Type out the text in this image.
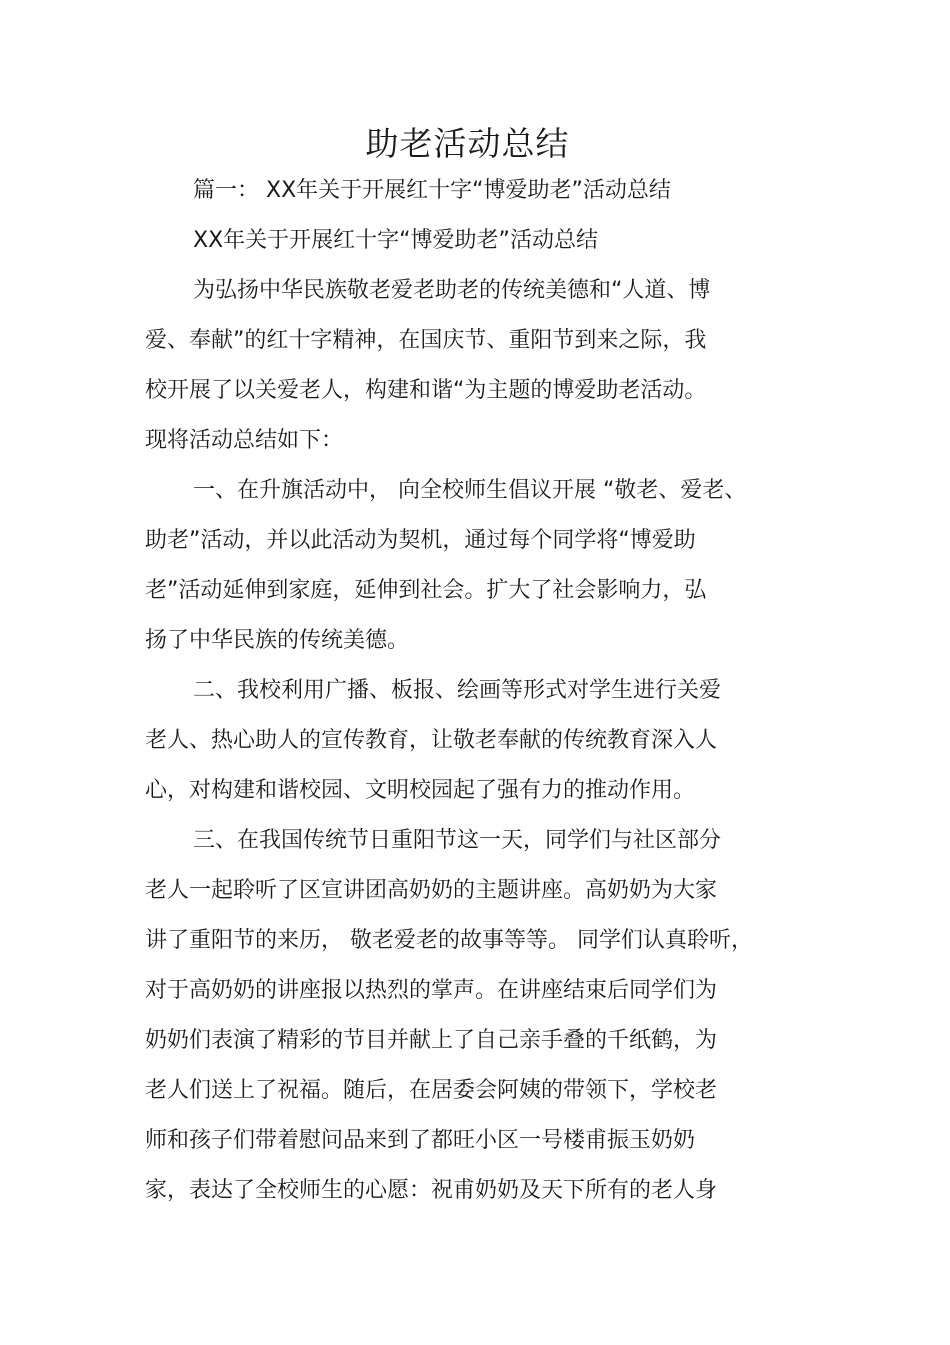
助老活动总结
篇一： XX年关于开展红十字“博爱助老”活动总结
XX年关于开展红十字“博爱助老”活动总结
为弘扬中华民族敬老爱老助老的传统美德和“人道、博
爱、奉献”的红十字精神，在国庆节、重阳节到来之际，我
校开展了以关爱老人，构建和谐“为主题的博爱助老活动。
现将活动总结如下：
一、在升旗活动中， 向全校师生倡议开展 “敬老、爱老、
助老”活动，并以此活动为契机，通过每个同学将“博爱助
老”活动延伸到家庭，延伸到社会。扩大了社会影响力，弘
扬了中华民族的传统美德。
二、我校利用广播、板报、绘画等形式对学生进行关爱
老人、热心助人的宣传教育，让敬老奉献的传统教育深入人
心，对构建和谐校园、文明校园起了强有力的推动作用。
三、在我国传统节日重阳节这一天，同学们与社区部分
老人一起聆听了区宣讲团高奶奶的主题讲座。高奶奶为大家
讲了重阳节的来历， 敬老爱老的故事等等。 同学们认真聆听，
对于高奶奶的讲座报以热烈的掌声。在讲座结束后同学们为
奶奶们表演了精彩的节目并献上了自己亲手叠的千纸鹤，为
老人们送上了祝福。随后，在居委会阿姨的带领下，学校老
师和孩子们带着慰问品来到了都旺小区一号楼甫振玉奶奶
家，表达了全校师生的心愿：祝甫奶奶及天下所有的老人身
